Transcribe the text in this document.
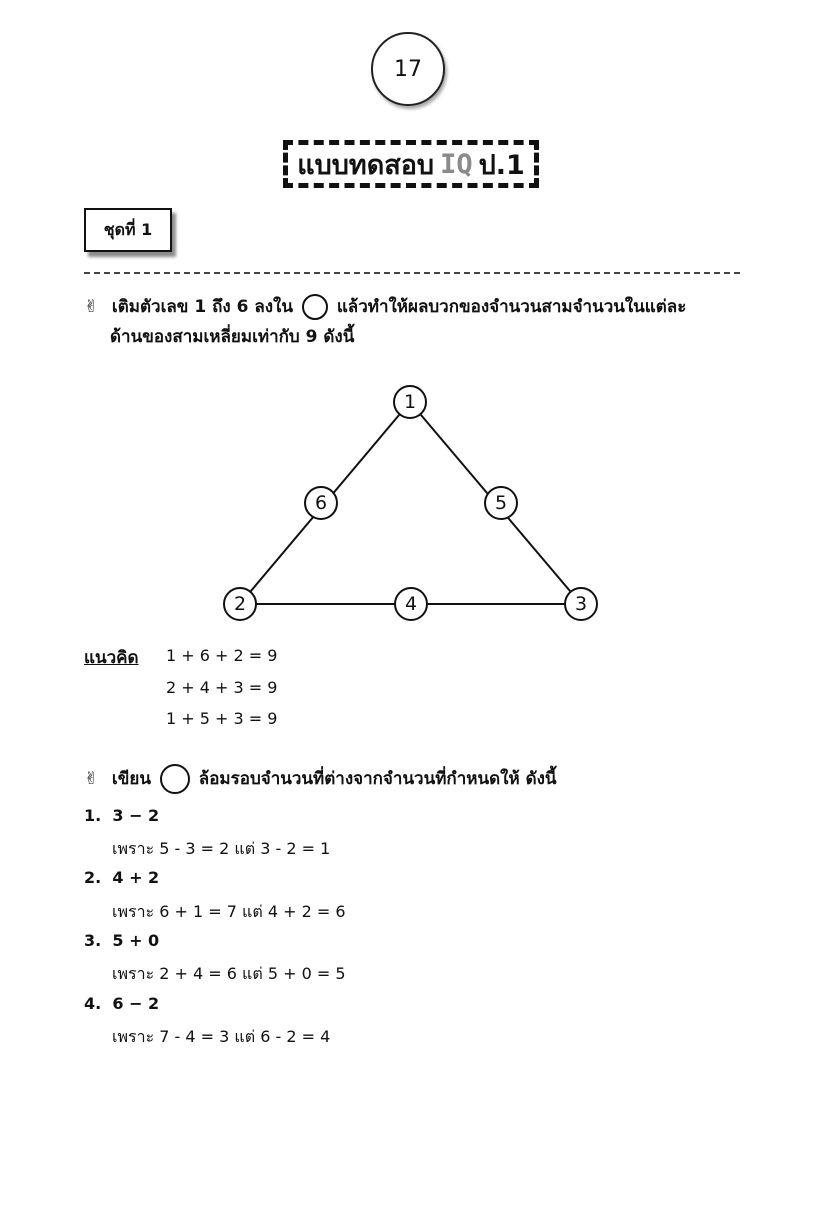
17
แบบทดสอบ IQ ป.1
ชุดที่ 1
✌ เติมตัวเลข 1 ถึง 6 ลงใน	แล้วทำให้ผลบวกของจำนวนสามจำนวนในแต่ละ
ด้านของสามเหลี่ยมเท่ากับ 9 ดังนี้
1
6	5
2	4	3
แนวคิด 1 + 6 + 2 = 9
2 + 4 + 3 = 9
1 + 5 + 3 = 9
✌ เขียน	ล้อมรอบจำนวนที่ต่างจากจำนวนที่กำหนดให้ ดังนี้
1. 3 − 2
เพราะ 5 - 3 = 2 แต่ 3 - 2 = 1
2. 4 + 2
เพราะ 6 + 1 = 7 แต่ 4 + 2 = 6
3. 5 + 0
เพราะ 2 + 4 = 6 แต่ 5 + 0 = 5
4. 6 − 2
เพราะ 7 - 4 = 3 แต่ 6 - 2 = 4
